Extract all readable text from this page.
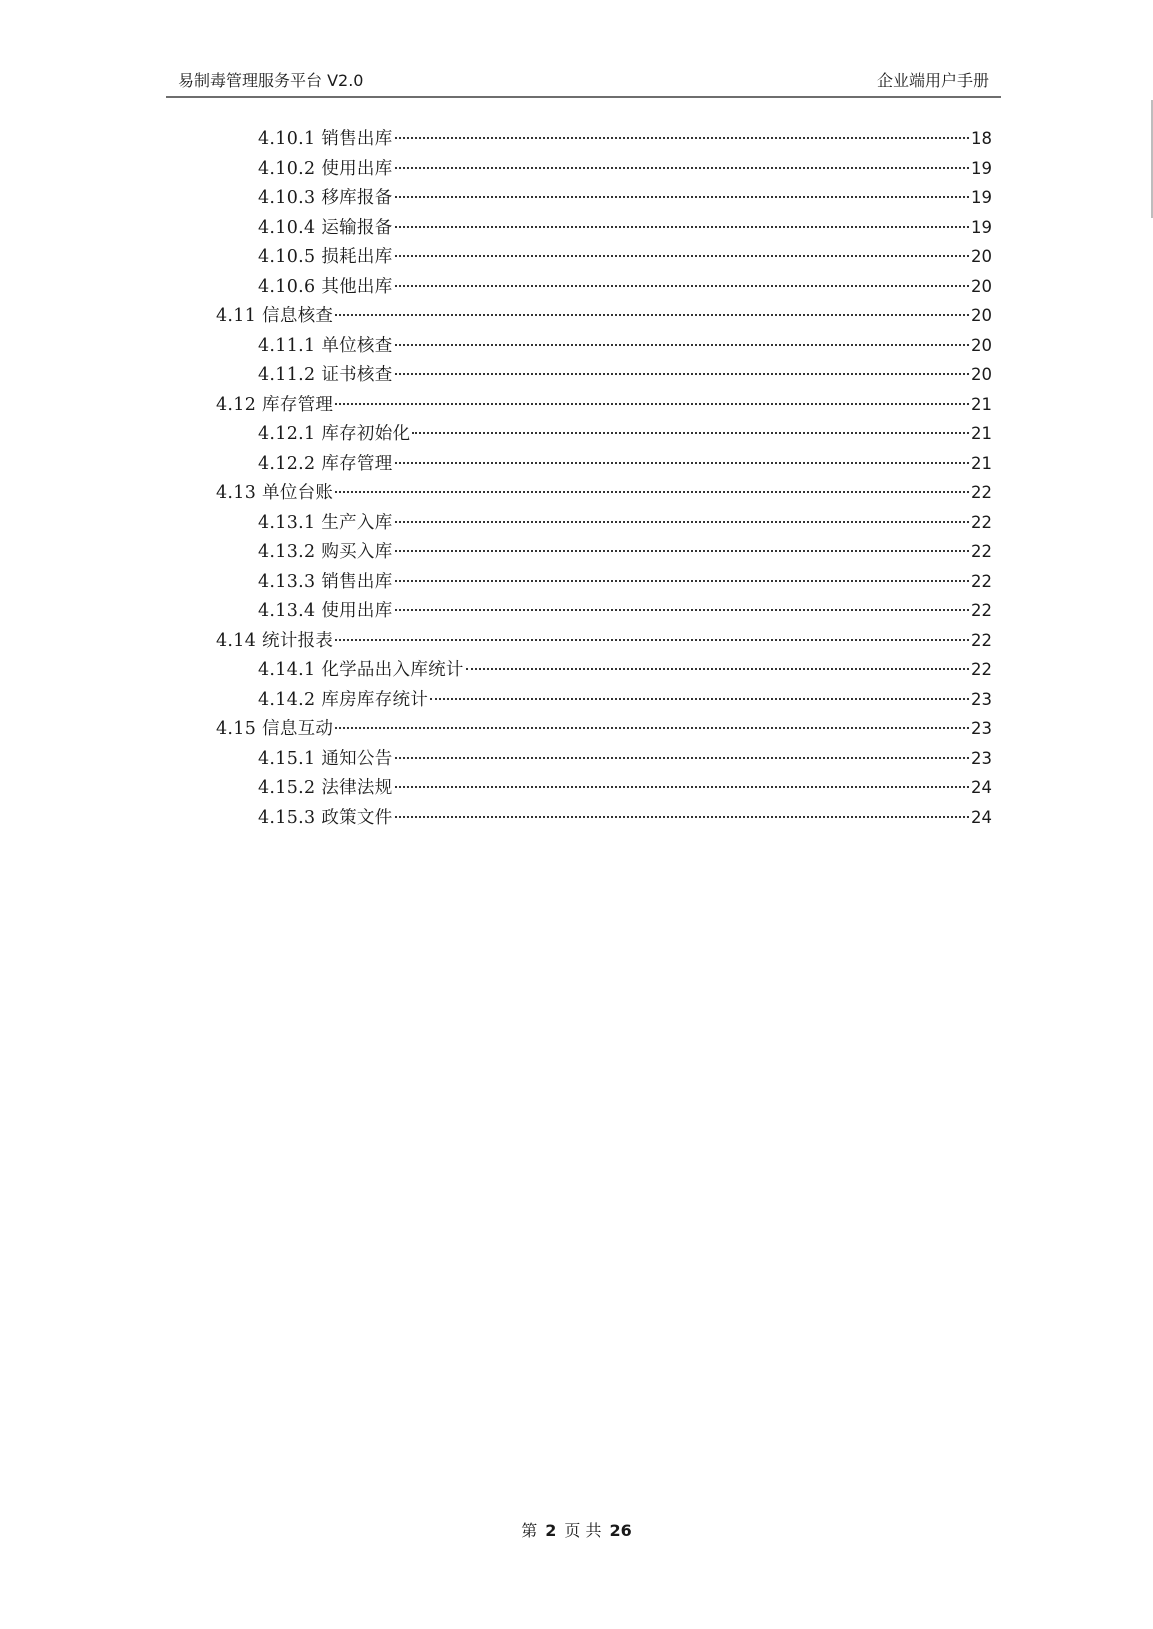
易制毒管理服务平台 V2.0	企业端用户手册
4.10.1 销售出库	18
4.10.2 使用出库	19
4.10.3 移库报备	19
4.10.4 运输报备	19
4.10.5 损耗出库	20
4.10.6 其他出库	20
4.11 信息核查	20
4.11.1 单位核查	20
4.11.2 证书核查	20
4.12 库存管理	21
4.12.1 库存初始化	21
4.12.2 库存管理	21
4.13 单位台账	22
4.13.1 生产入库	22
4.13.2 购买入库	22
4.13.3 销售出库	22
4.13.4 使用出库	22
4.14 统计报表	22
4.14.1 化学品出入库统计	22
4.14.2 库房库存统计	23
4.15 信息互动	23
4.15.1 通知公告	23
4.15.2 法律法规	24
4.15.3 政策文件	24
第 2 页 共 26
